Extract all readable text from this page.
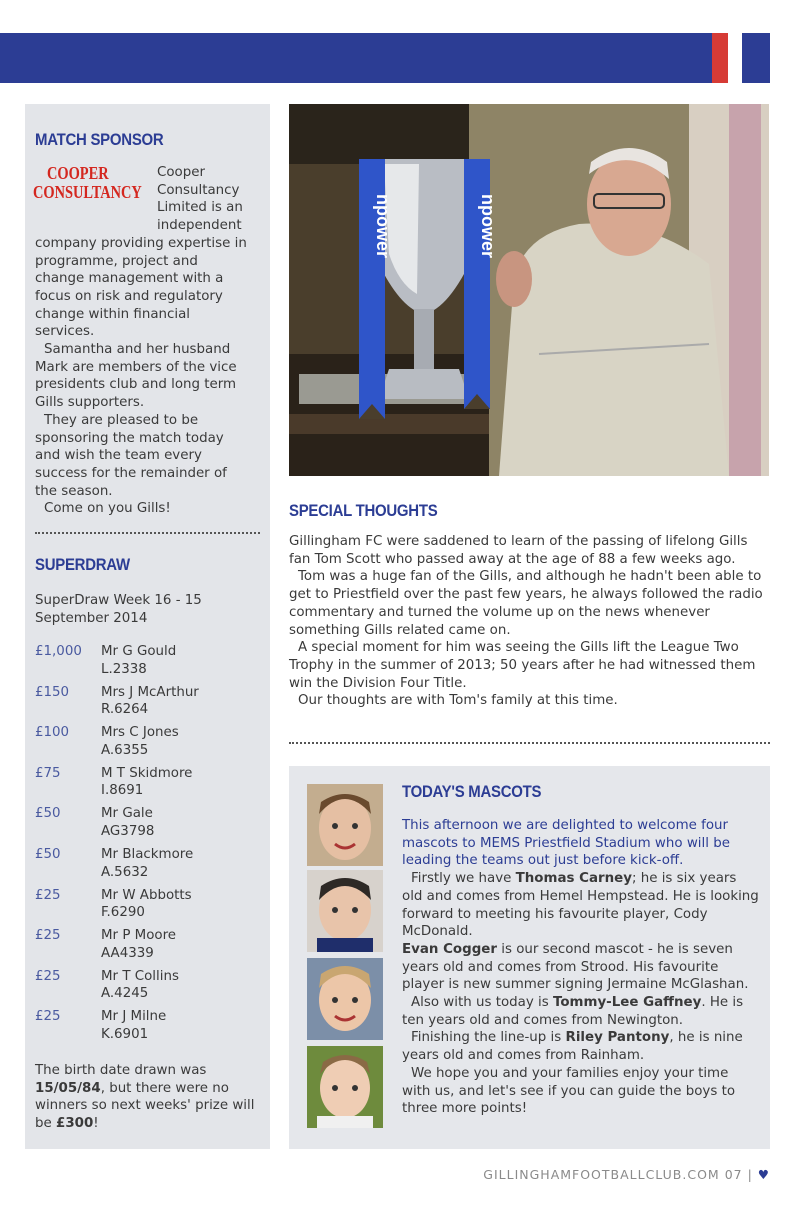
MATCH SPONSOR
COOPER
CONSULTANCY
Cooper Consultancy Limited is an independent company providing expertise in programme, project and change management with a focus on risk and regulatory change within financial services.
Samantha and her husband Mark are members of the vice presidents club and long term Gills supporters.
They are pleased to be sponsoring the match today and wish the team every success for the remainder of the season.
Come on you Gills!
SUPERDRAW
SuperDraw Week 16 - 15 September 2014
£1,000	Mr G Gould
L.2338
£150	Mrs J McArthur
R.6264
£100	Mrs C Jones
A.6355
£75	M T Skidmore
I.8691
£50	Mr Gale
AG3798
£50	Mr Blackmore
A.5632
£25	Mr W Abbotts
F.6290
£25	Mr P Moore
AA4339
£25	Mr T Collins
A.4245
£25	Mr J Milne
K.6901
The birth date drawn was 15/05/84, but there were no winners so next weeks' prize will be £300!
npower	npower
SPECIAL THOUGHTS
Gillingham FC were saddened to learn of the passing of lifelong Gills fan Tom Scott who passed away at the age of 88 a few weeks ago.
Tom was a huge fan of the Gills, and although he hadn't been able to get to Priestfield over the past few years, he always followed the radio commentary and turned the volume up on the news whenever something Gills related came on.
A special moment for him was seeing the Gills lift the League Two Trophy in the summer of 2013; 50 years after he had witnessed them win the Division Four Title.
Our thoughts are with Tom's family at this time.
TODAY'S MASCOTS
This afternoon we are delighted to welcome four mascots to MEMS Priestfield Stadium who will be leading the teams out just before kick-off.
Firstly we have Thomas Carney; he is six years old and comes from Hemel Hempstead. He is looking forward to meeting his favourite player, Cody McDonald.
Evan Cogger is our second mascot - he is seven years old and comes from Strood. His favourite player is new summer signing Jermaine McGlashan.
Also with us today is Tommy-Lee Gaffney. He is ten years old and comes from Newington.
Finishing the line-up is Riley Pantony, he is nine years old and comes from Rainham.
We hope you and your families enjoy your time with us, and let's see if you can guide the boys to three more points!
GILLINGHAMFOOTBALLCLUB.COM 07 | ♥
